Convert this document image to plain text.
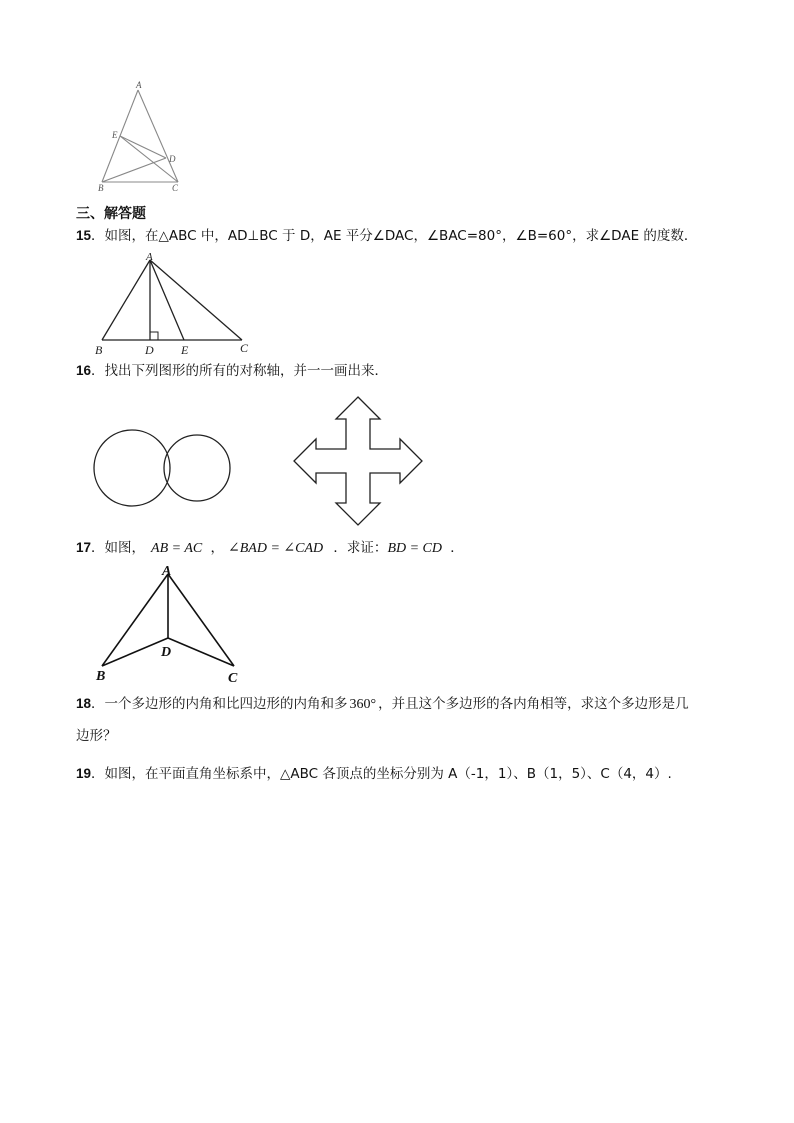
A
E
D
B	C
三、解答题
15．如图，在△ABC 中，AD⊥BC 于 D，AE 平分∠DAC，∠BAC=80°，∠B=60°，求∠DAE 的度数．
A
B	D E	C
16．找出下列图形的所有的对称轴，并一一画出来．
17．如图， AB = AC ， ∠BAD = ∠CAD ．求证：BD = CD ．
A
D
B	C
18．一个多边形的内角和比四边形的内角和多 360° ，并且这个多边形的各内角相等，求这个多边形是几
边形？
19．如图，在平面直角坐标系中，△ABC 各顶点的坐标分别为 A（-1，1）、B（1，5）、C（4，4）.
